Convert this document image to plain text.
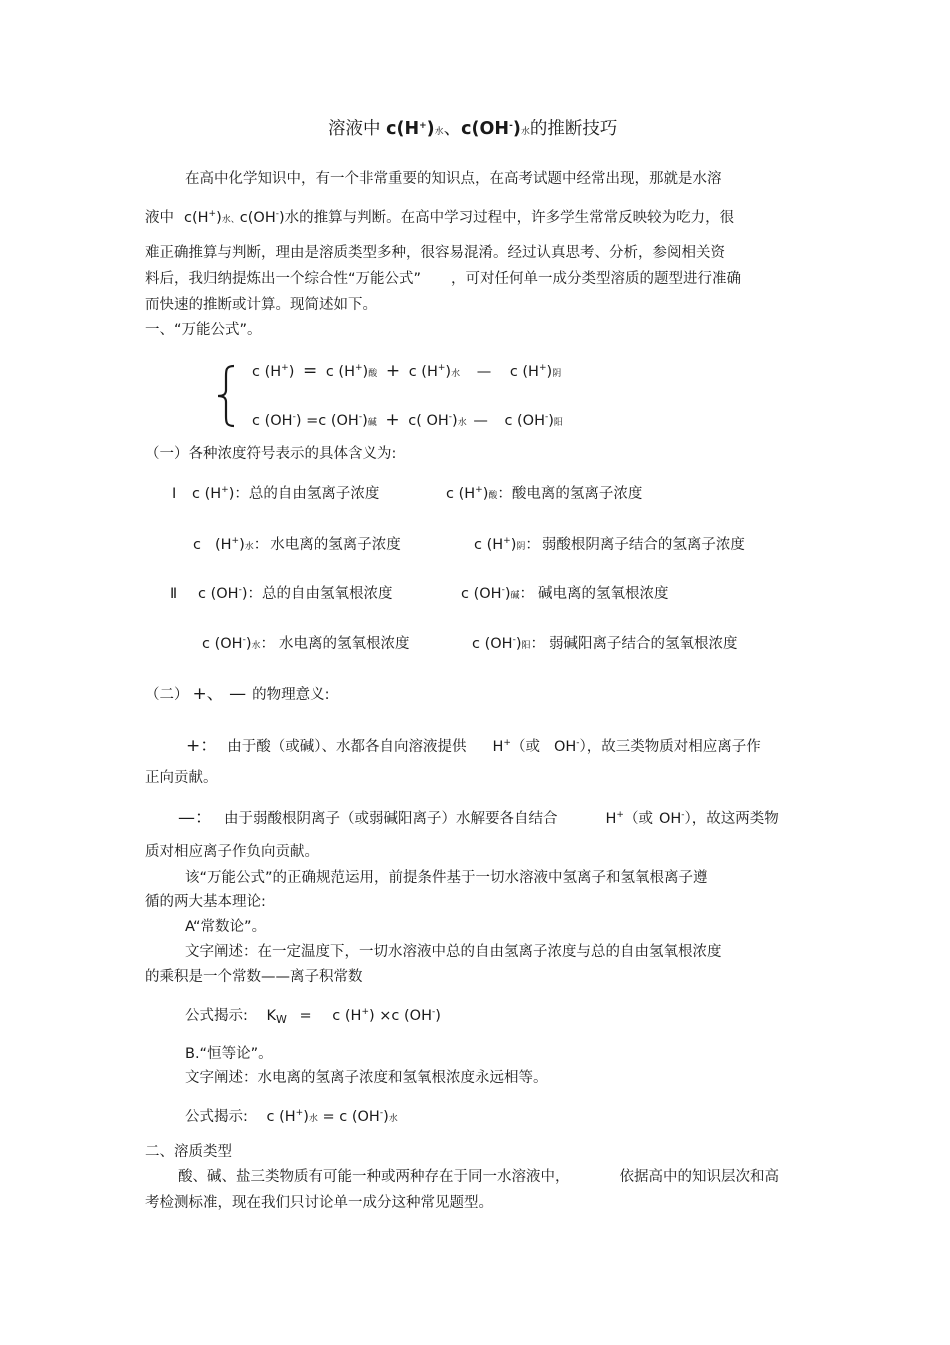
溶液中 c(H+)水、c(OH-)水的推断技巧
在高中化学知识中，有一个非常重要的知识点，在高考试题中经常出现，那就是水溶
液中 c(H+)水、c(OH-)水的推算与判断。在高中学习过程中，许多学生常常反映较为吃力，很
难正确推算与判断，理由是溶质类型多种，很容易混淆。经过认真思考、分析，参阅相关资
料后，我归纳提炼出一个综合性“万能公式” ，可对任何单一成分类型溶质的题型进行准确
而快速的推断或计算。现简述如下。
一、“万能公式”。
c (H+) = c (H+)酸 + c (H+)水 — c (H+)阴
c (OH-) =c (OH-)碱 + c( OH-)水 — c (OH-)阳
（一）各种浓度符号表示的具体含义为:
Ⅰ c (H+)：总的自由氢离子浓度	c (H+)酸：酸电离的氢离子浓度
c (H+)水： 水电离的氢离子浓度	c (H+)阴： 弱酸根阴离子结合的氢离子浓度
Ⅱ c (OH-)：总的自由氢氧根浓度	c (OH-)碱： 碱电离的氢氧根浓度
c (OH-)水： 水电离的氢氧根浓度	c (OH-)阳： 弱碱阳离子结合的氢氧根浓度
（二） +、 — 的物理意义:
+： 由于酸（或碱）、水都各自向溶液提供 H+（或 OH-），故三类物质对相应离子作
正向贡献。
—： 由于弱酸根阴离子（或弱碱阳离子）水解要各自结合	H+（或 OH-），故这两类物
质对相应离子作负向贡献。
该“万能公式”的正确规范运用，前提条件基于一切水溶液中氢离子和氢氧根离子遵
循的两大基本理论:
A“常数论”。
文字阐述：在一定温度下，一切水溶液中总的自由氢离子浓度与总的自由氢氧根浓度
的乘积是一个常数——离子积常数
公式揭示: $K_W = c$ (H+) ×c (OH-)
B.“恒等论”。
文字阐述：水电离的氢离子浓度和氢氧根浓度永远相等。
公式揭示: c (H+)水 = c (OH-)水
二、溶质类型
酸、碱、盐三类物质有可能一种或两种存在于同一水溶液中，	依据高中的知识层次和高
考检测标准，现在我们只讨论单一成分这种常见题型。
